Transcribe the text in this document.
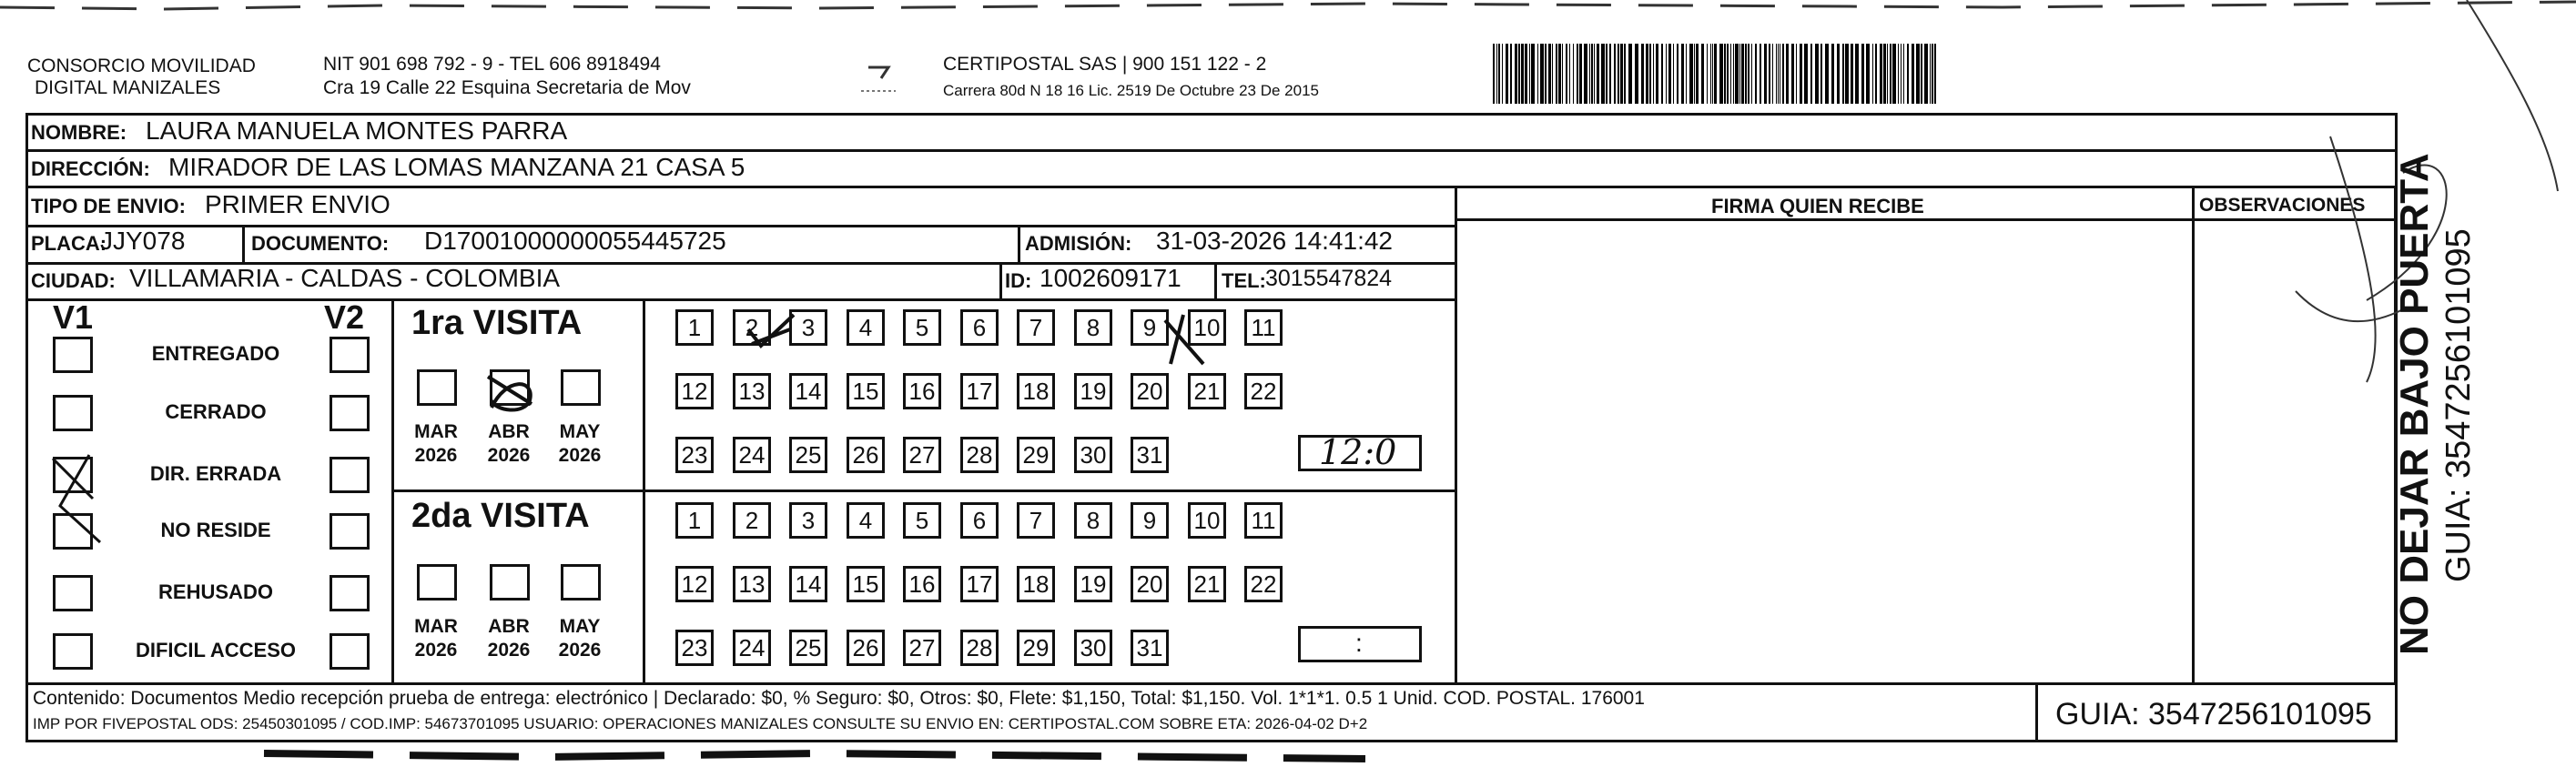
CONSORCIO MOVILIDAD
DIGITAL MANIZALES
NIT 901 698 792 - 9 - TEL 606 8918494
Cra 19 Calle 22 Esquina Secretaria de Mov
CERTIPOSTAL SAS | 900 151 122 - 2
Carrera 80d N 18 16 Lic. 2519 De Octubre 23 De 2015
NOMBRE: LAURA MANUELA MONTES PARRA
DIRECCIÓN: MIRADOR DE LAS LOMAS MANZANA 21 CASA 5
TIPO DE ENVIO: PRIMER ENVIO	FIRMA QUIEN RECIBE	OBSERVACIONES
PLACA:
JJY078	DOCUMENTO: D17001000000055445725	ADMISIÓN: 31-03-2026 14:41:42
CIUDAD: VILLAMARIA - CALDAS - COLOMBIA	ID: 1002609171 TEL: 3015547824
V1	V2
ENTREGADO
CERRADO
DIR. ERRADA
NO RESIDE
REHUSADO
DIFICIL ACCESO
1ra VISITA
MAR
2026
ABR
2026
MAY
2026
1	2	3	4	5	6	7	8	9	10 11
12 13 14 15 16 17 18 19 20 21 22
23 24 25 26 27 28 29 30 31
2da VISITA
MAR
2026
ABR
2026
MAY
2026
1	2	3	4	5	6	7	8	9	10 11
12 13 14 15 16 17 18 19 20 21 22
23 24 25 26 27 28 29 30 31
12:0
:
Contenido: Documentos Medio recepción prueba de entrega: electrónico | Declarado: $0, % Seguro: $0, Otros: $0, Flete: $1,150, Total: $1,150. Vol. 1*1*1. 0.5 1 Unid. COD. POSTAL. 176001
IMP POR FIVEPOSTAL ODS: 25450301095 / COD.IMP: 54673701095 USUARIO: OPERACIONES MANIZALES CONSULTE SU ENVIO EN: CERTIPOSTAL.COM SOBRE ETA: 2026-04-02 D+2	GUIA: 3547256101095
NO DEJAR BAJO PUERTA GUIA: 3547256101095
